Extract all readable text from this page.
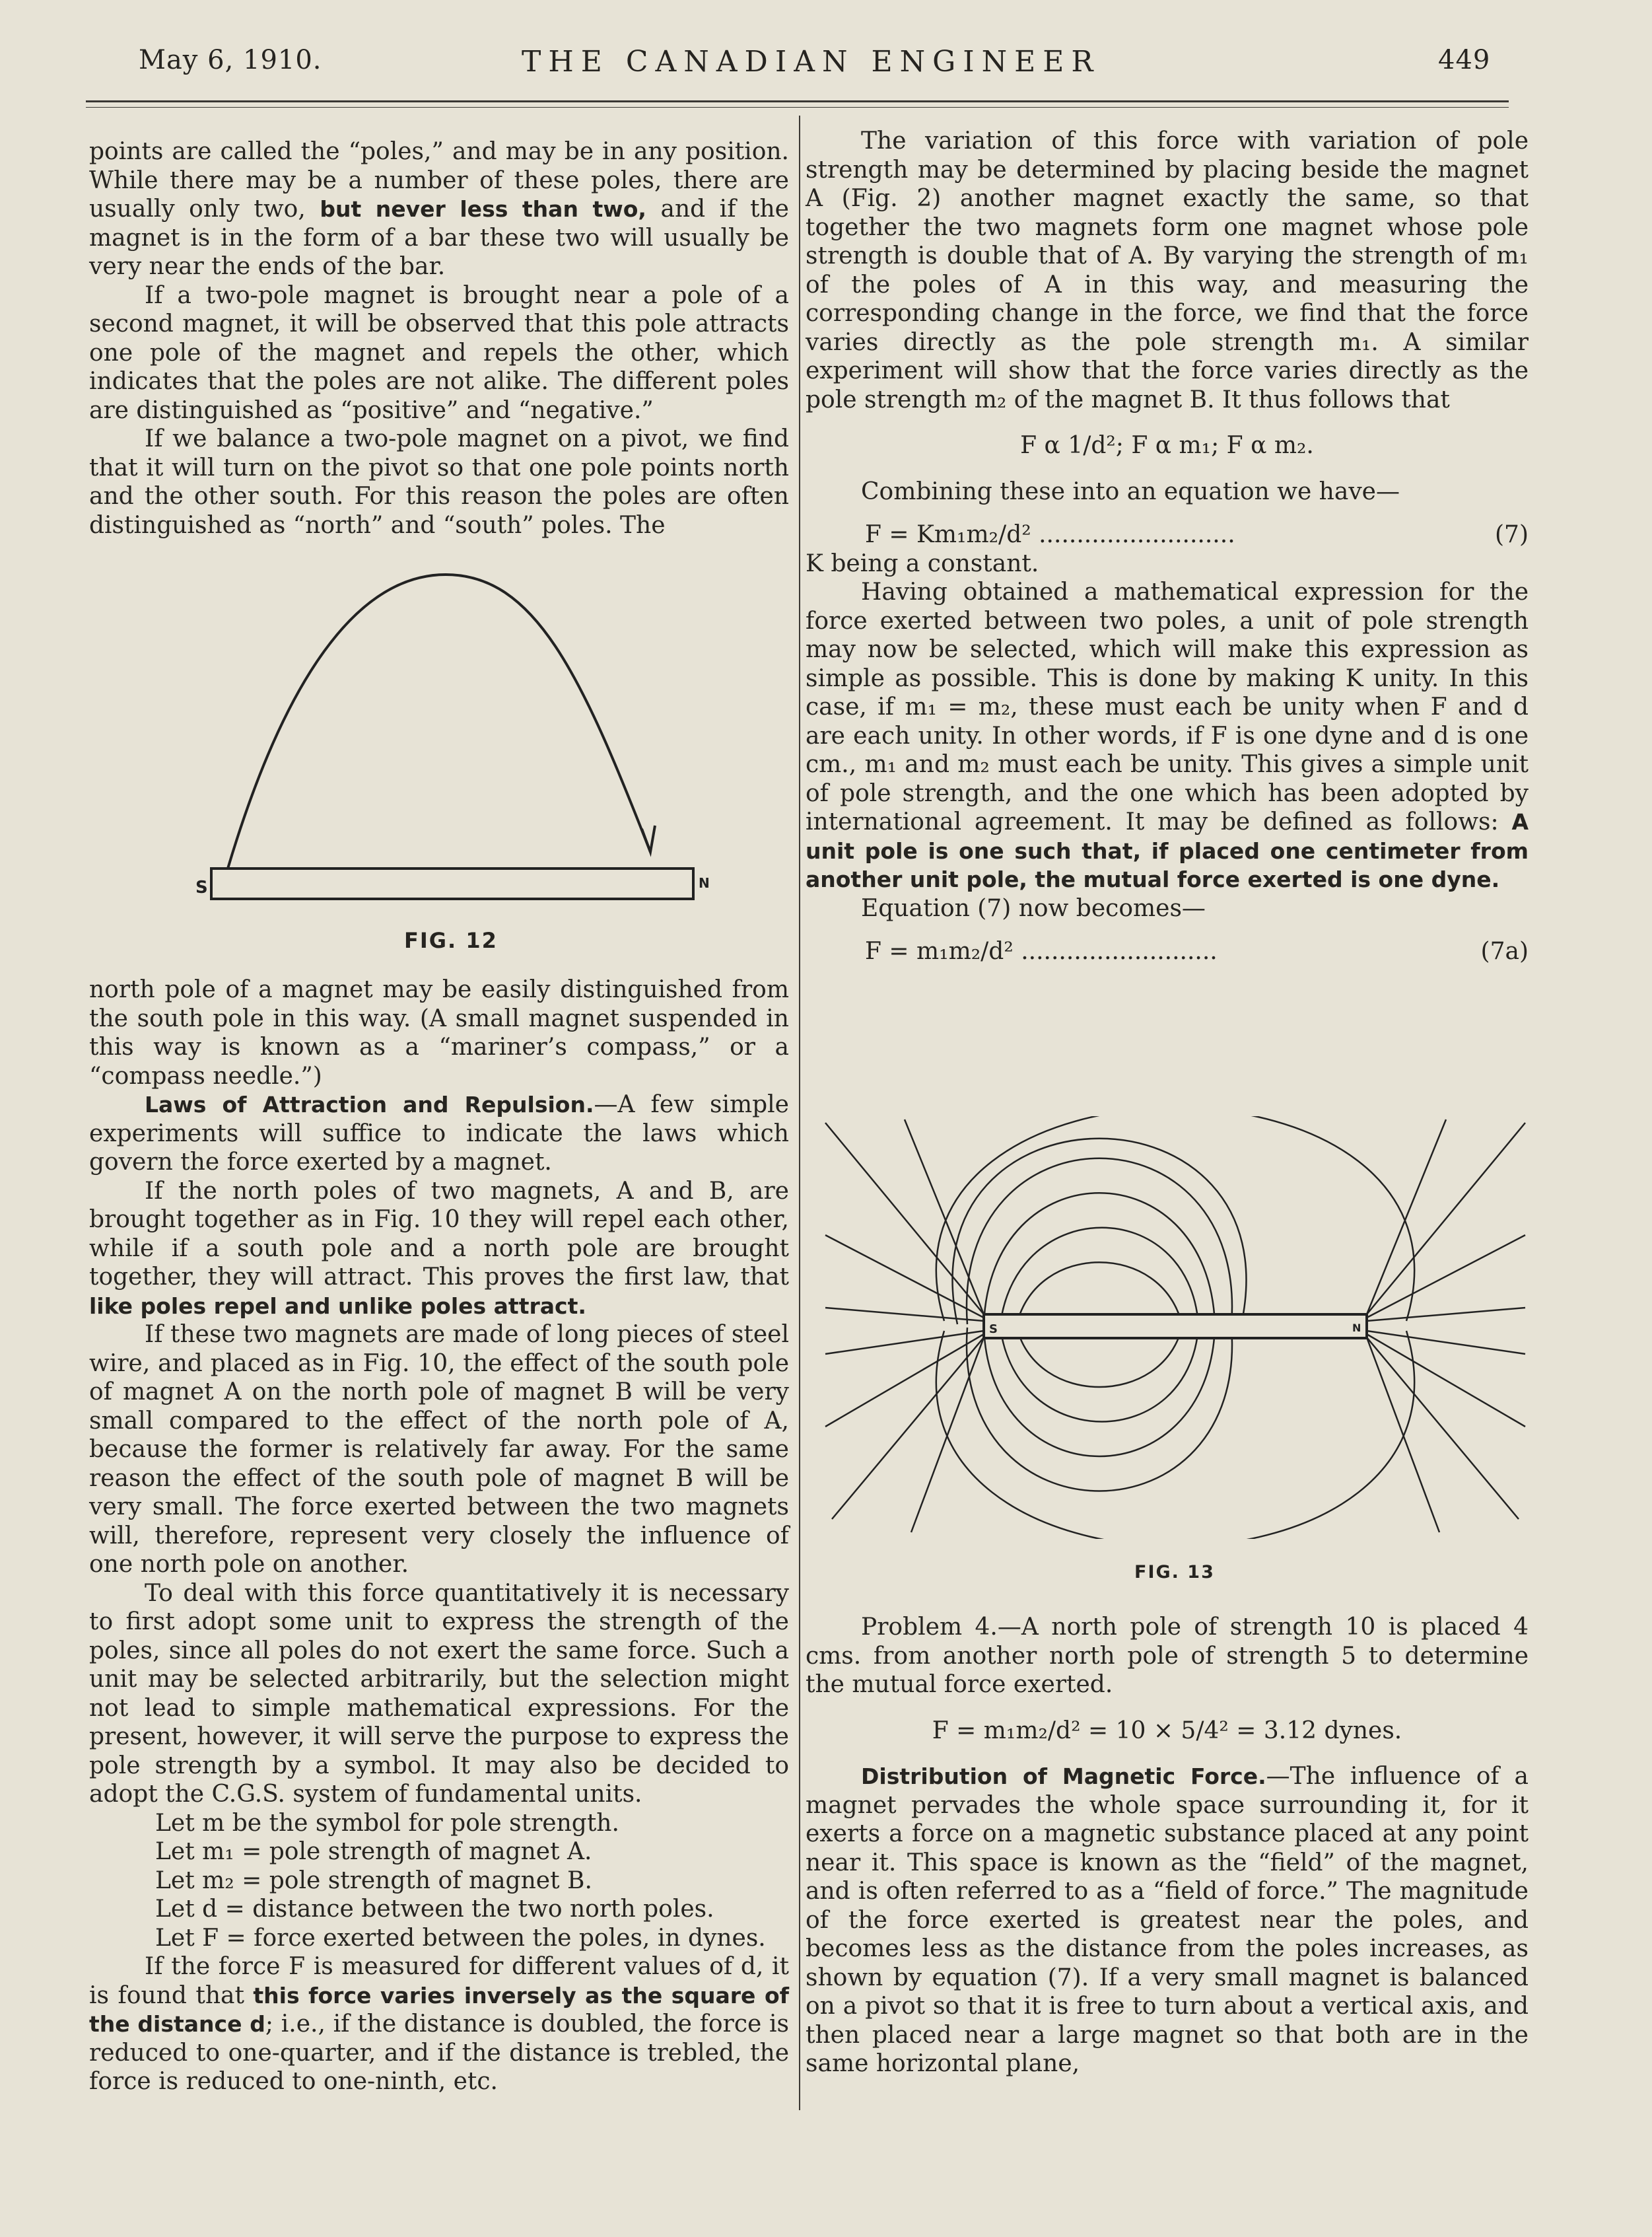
May 6, 1910.	THE CANADIAN ENGINEER	449

points are called the “poles,” and may be in any position. While there may be a number of these poles, there are usually only two, but never less than two, and if the magnet is in the form of a bar these two will usually be very near the ends of the bar.

If a two-pole magnet is brought near a pole of a second magnet, it will be observed that this pole attracts one pole of the magnet and repels the other, which indicates that the poles are not alike. The different poles are distinguished as “positive” and “negative.”

If we balance a two-pole magnet on a pivot, we find that it will turn on the pivot so that one pole points north and the other south. For this reason the poles are often distinguished as “north” and “south” poles. The

S	N
FIG. 12

north pole of a magnet may be easily distinguished from the south pole in this way. (A small magnet suspended in this way is known as a “mariner’s compass,” or a “compass needle.”)

Laws of Attraction and Repulsion.—A few simple experiments will suffice to indicate the laws which govern the force exerted by a magnet.

If the north poles of two magnets, A and B, are brought together as in Fig. 10 they will repel each other, while if a south pole and a north pole are brought together, they will attract. This proves the first law, that like poles repel and unlike poles attract.

If these two magnets are made of long pieces of steel wire, and placed as in Fig. 10, the effect of the south pole of magnet A on the north pole of magnet B will be very small compared to the effect of the north pole of A, because the former is relatively far away. For the same reason the effect of the south pole of magnet B will be very small. The force exerted between the two magnets will, therefore, represent very closely the influence of one north pole on another.

To deal with this force quantitatively it is necessary to first adopt some unit to express the strength of the poles, since all poles do not exert the same force. Such a unit may be selected arbitrarily, but the selection might not lead to simple mathematical expressions. For the present, however, it will serve the purpose to express the pole strength by a symbol. It may also be decided to adopt the C.G.S. system of fundamental units.

Let m be the symbol for pole strength.

Let m₁ = pole strength of magnet A.

Let m₂ = pole strength of magnet B.

Let d = distance between the two north poles.

Let F = force exerted between the poles, in dynes.

If the force F is measured for different values of d, it is found that this force varies inversely as the square of the distance d; i.e., if the distance is doubled, the force is reduced to one-quarter, and if the distance is trebled, the force is reduced to one-ninth, etc.

The variation of this force with variation of pole strength may be determined by placing beside the magnet A (Fig. 2) another magnet exactly the same, so that together the two magnets form one magnet whose pole strength is double that of A. By varying the strength of m₁ of the poles of A in this way, and measuring the corresponding change in the force, we find that the force varies directly as the pole strength m₁. A similar experiment will show that the force varies directly as the pole strength m₂ of the magnet B. It thus follows that

F α 1/d²; F α m₁; F α m₂.

Combining these into an equation we have—

F = Km₁m₂/d² ..........................	(7)

K being a constant.

Having obtained a mathematical expression for the force exerted between two poles, a unit of pole strength may now be selected, which will make this expression as simple as possible. This is done by making K unity. In this case, if m₁ = m₂, these must each be unity when F and d are each unity. In other words, if F is one dyne and d is one cm., m₁ and m₂ must each be unity. This gives a simple unit of pole strength, and the one which has been adopted by international agreement. It may be defined as follows: A unit pole is one such that, if placed one centimeter from another unit pole, the mutual force exerted is one dyne.

Equation (7) now becomes—

F = m₁m₂/d² ..........................	(7a)

S	N
FIG. 13

Problem 4.—A north pole of strength 10 is placed 4 cms. from another north pole of strength 5 to determine the mutual force exerted.

F = m₁m₂/d² = 10 × 5/4² = 3.12 dynes.

Distribution of Magnetic Force.—The influence of a magnet pervades the whole space surrounding it, for it exerts a force on a magnetic substance placed at any point near it. This space is known as the “field” of the magnet, and is often referred to as a “field of force.” The magnitude of the force exerted is greatest near the poles, and becomes less as the distance from the poles increases, as shown by equation (7). If a very small magnet is balanced on a pivot so that it is free to turn about a vertical axis, and then placed near a large magnet so that both are in the same horizontal plane,
